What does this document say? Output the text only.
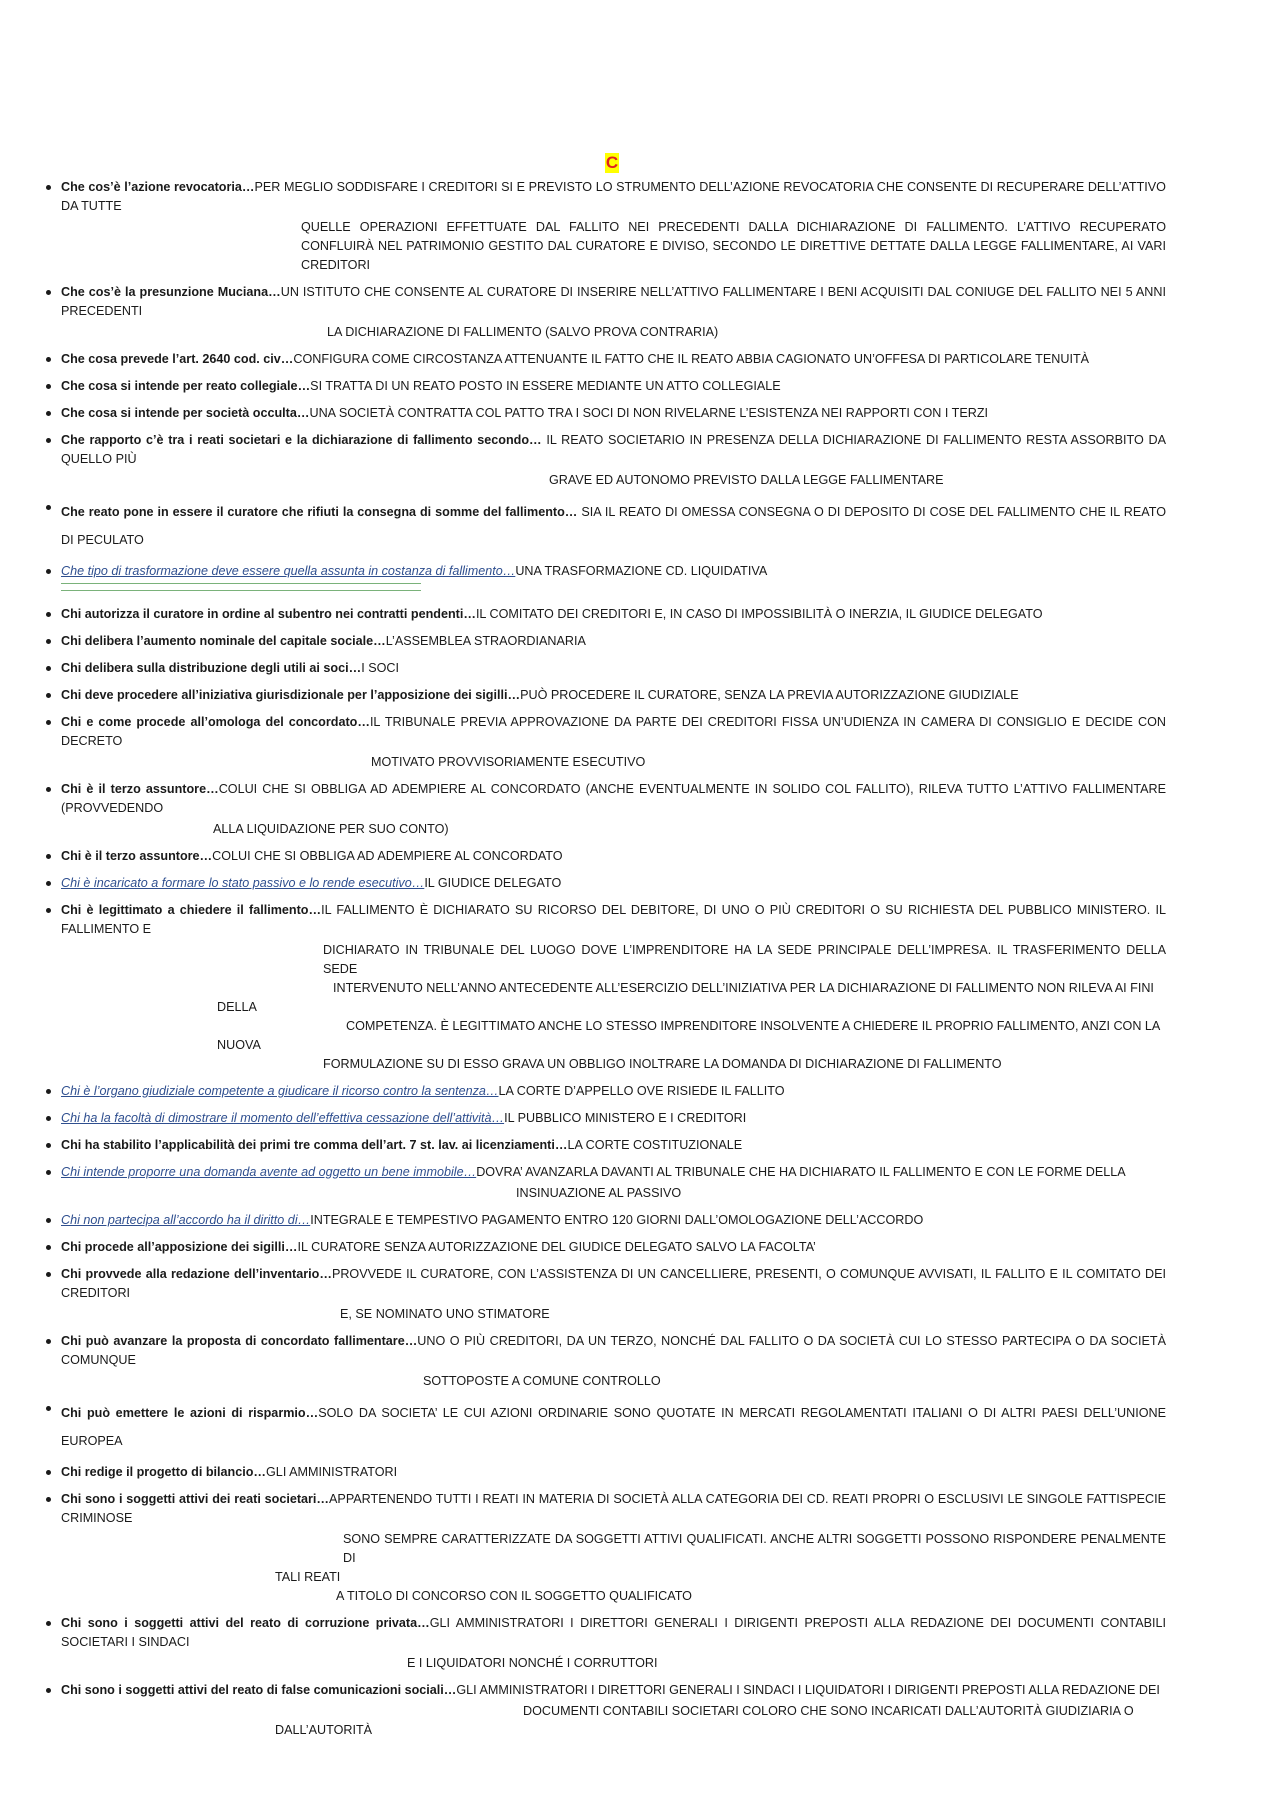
C
Che cos’è l’azione revocatoria…PER MEGLIO SODDISFARE I CREDITORI SI E PREVISTO LO STRUMENTO DELL’AZIONE REVOCATORIA CHE CONSENTE DI RECUPERARE DELL’ATTIVO DA TUTTE
QUELLE OPERAZIONI EFFETTUATE DAL FALLITO NEI PRECEDENTI DALLA DICHIARAZIONE DI FALLIMENTO. L’ATTIVO RECUPERATO CONFLUIRÀ NEL PATRIMONIO GESTITO DAL CURATORE E DIVISO, SECONDO LE DIRETTIVE DETTATE DALLA LEGGE FALLIMENTARE, AI VARI CREDITORI
Che cos’è la presunzione Muciana…UN ISTITUTO CHE CONSENTE AL CURATORE DI INSERIRE NELL’ATTIVO FALLIMENTARE I BENI ACQUISITI DAL CONIUGE DEL FALLITO NEI 5 ANNI PRECEDENTI
LA DICHIARAZIONE DI FALLIMENTO (SALVO PROVA CONTRARIA)
Che cosa prevede l’art. 2640 cod. civ…CONFIGURA COME CIRCOSTANZA ATTENUANTE IL FATTO CHE IL REATO ABBIA CAGIONATO UN’OFFESA DI PARTICOLARE TENUITÀ
Che cosa si intende per reato collegiale…SI TRATTA DI UN REATO POSTO IN ESSERE MEDIANTE UN ATTO COLLEGIALE
Che cosa si intende per società occulta…UNA SOCIETÀ CONTRATTA COL PATTO TRA I SOCI DI NON RIVELARNE L’ESISTENZA NEI RAPPORTI CON I TERZI
Che rapporto c’è tra i reati societari e la dichiarazione di fallimento secondo… IL REATO SOCIETARIO IN PRESENZA DELLA DICHIARAZIONE DI FALLIMENTO RESTA ASSORBITO DA QUELLO PIÙ
GRAVE ED AUTONOMO PREVISTO DALLA LEGGE FALLIMENTARE
Che reato pone in essere il curatore che rifiuti la consegna di somme del fallimento… SIA IL REATO DI OMESSA CONSEGNA O DI DEPOSITO DI COSE DEL FALLIMENTO CHE IL REATO DI PECULATO
Che tipo di trasformazione deve essere quella assunta in costanza di fallimento…UNA TRASFORMAZIONE CD. LIQUIDATIVA
Chi autorizza il curatore in ordine al subentro nei contratti pendenti…IL COMITATO DEI CREDITORI E, IN CASO DI IMPOSSIBILITÀ O INERZIA, IL GIUDICE DELEGATO
Chi delibera l’aumento nominale del capitale sociale…L’ASSEMBLEA STRAORDIANARIA
Chi delibera sulla distribuzione degli utili ai soci…I SOCI
Chi deve procedere all’iniziativa giurisdizionale per l’apposizione dei sigilli…PUÒ PROCEDERE IL CURATORE, SENZA LA PREVIA AUTORIZZAZIONE GIUDIZIALE
Chi e come procede all’omologa del concordato…IL TRIBUNALE PREVIA APPROVAZIONE DA PARTE DEI CREDITORI FISSA UN’UDIENZA IN CAMERA DI CONSIGLIO E DECIDE CON DECRETO
MOTIVATO PROVVISORIAMENTE ESECUTIVO
Chi è il terzo assuntore…COLUI CHE SI OBBLIGA AD ADEMPIERE AL CONCORDATO (ANCHE EVENTUALMENTE IN SOLIDO COL FALLITO), RILEVA TUTTO L’ATTIVO FALLIMENTARE (PROVVEDENDO
ALLA LIQUIDAZIONE PER SUO CONTO)
Chi è il terzo assuntore…COLUI CHE SI OBBLIGA AD ADEMPIERE AL CONCORDATO
Chi è incaricato a formare lo stato passivo e lo rende esecutivo…IL GIUDICE DELEGATO
Chi è legittimato a chiedere il fallimento…IL FALLIMENTO È DICHIARATO SU RICORSO DEL DEBITORE, DI UNO O PIÙ CREDITORI O SU RICHIESTA DEL PUBBLICO MINISTERO. IL FALLIMENTO E
DICHIARATO IN TRIBUNALE DEL LUOGO DOVE L’IMPRENDITORE HA LA SEDE PRINCIPALE DELL’IMPRESA. IL TRASFERIMENTO DELLA SEDE
INTERVENUTO NELL’ANNO ANTECEDENTE ALL’ESERCIZIO DELL’INIZIATIVA PER LA DICHIARAZIONE DI FALLIMENTO NON RILEVA AI FINI
DELLA
COMPETENZA. È LEGITTIMATO ANCHE LO STESSO IMPRENDITORE INSOLVENTE A CHIEDERE IL PROPRIO FALLIMENTO, ANZI CON LA
NUOVA
FORMULAZIONE SU DI ESSO GRAVA UN OBBLIGO INOLTRARE LA DOMANDA DI DICHIARAZIONE DI FALLIMENTO
Chi è l’organo giudiziale competente a giudicare il ricorso contro la sentenza…LA CORTE D’APPELLO OVE RISIEDE IL FALLITO
Chi ha la facoltà di dimostrare il momento dell’effettiva cessazione dell’attività…IL PUBBLICO MINISTERO E I CREDITORI
Chi ha stabilito l’applicabilità dei primi tre comma dell’art. 7 st. lav. ai licenziamenti…LA CORTE COSTITUZIONALE
Chi intende proporre una domanda avente ad oggetto un bene immobile…DOVRA’ AVANZARLA DAVANTI AL TRIBUNALE CHE HA DICHIARATO IL FALLIMENTO E CON LE FORME DELLA
INSINUAZIONE AL PASSIVO
Chi non partecipa all’accordo ha il diritto di…INTEGRALE E TEMPESTIVO PAGAMENTO ENTRO 120 GIORNI DALL’OMOLOGAZIONE DELL’ACCORDO
Chi procede all’apposizione dei sigilli…IL CURATORE SENZA AUTORIZZAZIONE DEL GIUDICE DELEGATO SALVO LA FACOLTA’
Chi provvede alla redazione dell’inventario…PROVVEDE IL CURATORE, CON L’ASSISTENZA DI UN CANCELLIERE, PRESENTI, O COMUNQUE AVVISATI, IL FALLITO E IL COMITATO DEI CREDITORI
E, SE NOMINATO UNO STIMATORE
Chi può avanzare la proposta di concordato fallimentare…UNO O PIÙ CREDITORI, DA UN TERZO, NONCHÉ DAL FALLITO O DA SOCIETÀ CUI LO STESSO PARTECIPA O DA SOCIETÀ COMUNQUE
SOTTOPOSTE A COMUNE CONTROLLO
Chi può emettere le azioni di risparmio…SOLO DA SOCIETA’ LE CUI AZIONI ORDINARIE SONO QUOTATE IN MERCATI REGOLAMENTATI ITALIANI O DI ALTRI PAESI DELL’UNIONE EUROPEA
Chi redige il progetto di bilancio…GLI AMMINISTRATORI
Chi sono i soggetti attivi dei reati societari…APPARTENENDO TUTTI I REATI IN MATERIA DI SOCIETÀ ALLA CATEGORIA DEI CD. REATI PROPRI O ESCLUSIVI LE SINGOLE FATTISPECIE CRIMINOSE
SONO SEMPRE CARATTERIZZATE DA SOGGETTI ATTIVI QUALIFICATI. ANCHE ALTRI SOGGETTI POSSONO RISPONDERE PENALMENTE DI
TALI REATI
A TITOLO DI CONCORSO CON IL SOGGETTO QUALIFICATO
Chi sono i soggetti attivi del reato di corruzione privata…GLI AMMINISTRATORI I DIRETTORI GENERALI I DIRIGENTI PREPOSTI ALLA REDAZIONE DEI DOCUMENTI CONTABILI SOCIETARI I SINDACI
E I LIQUIDATORI NONCHÉ I CORRUTTORI
Chi sono i soggetti attivi del reato di false comunicazioni sociali…GLI AMMINISTRATORI I DIRETTORI GENERALI I SINDACI I LIQUIDATORI I DIRIGENTI PREPOSTI ALLA REDAZIONE DEI
DOCUMENTI CONTABILI SOCIETARI COLORO CHE SONO INCARICATI DALL’AUTORITÀ GIUDIZIARIA O
DALL’AUTORITÀ
